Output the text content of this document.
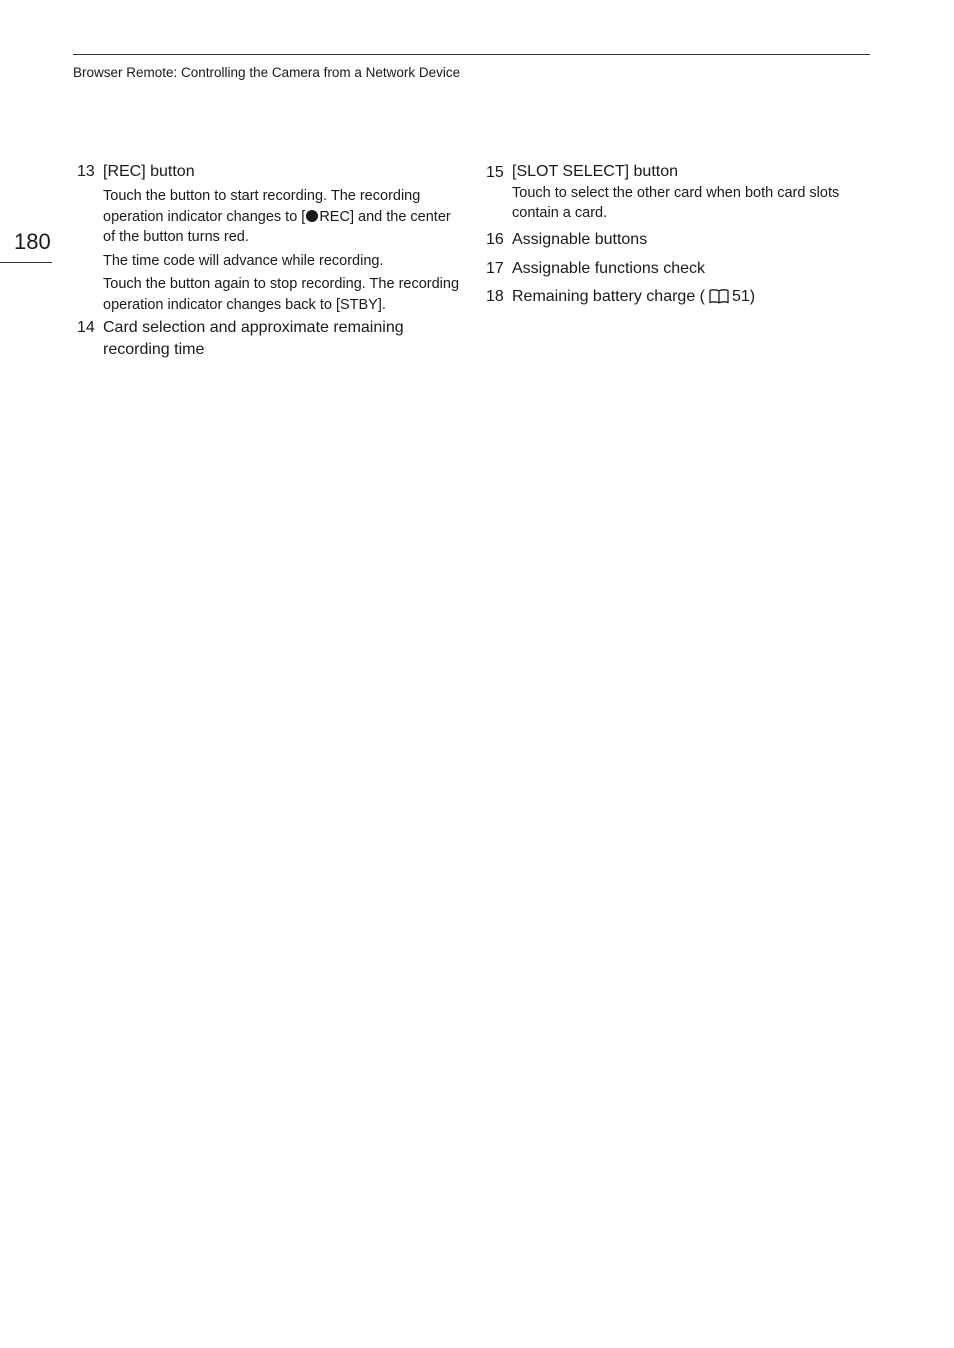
Browser Remote: Controlling the Camera from a Network Device
180
13 [REC] button

Touch the button to start recording. The recording operation indicator changes to [ REC] and the center of the button turns red.

The time code will advance while recording.

Touch the button again to stop recording. The recording operation indicator changes back to [STBY].

14 Card selection and approximate remaining recording time
15 [SLOT SELECT] button

Touch to select the other card when both card slots contain a card.

16 Assignable buttons
17 Assignable functions check
18 Remaining battery charge ( 51)
